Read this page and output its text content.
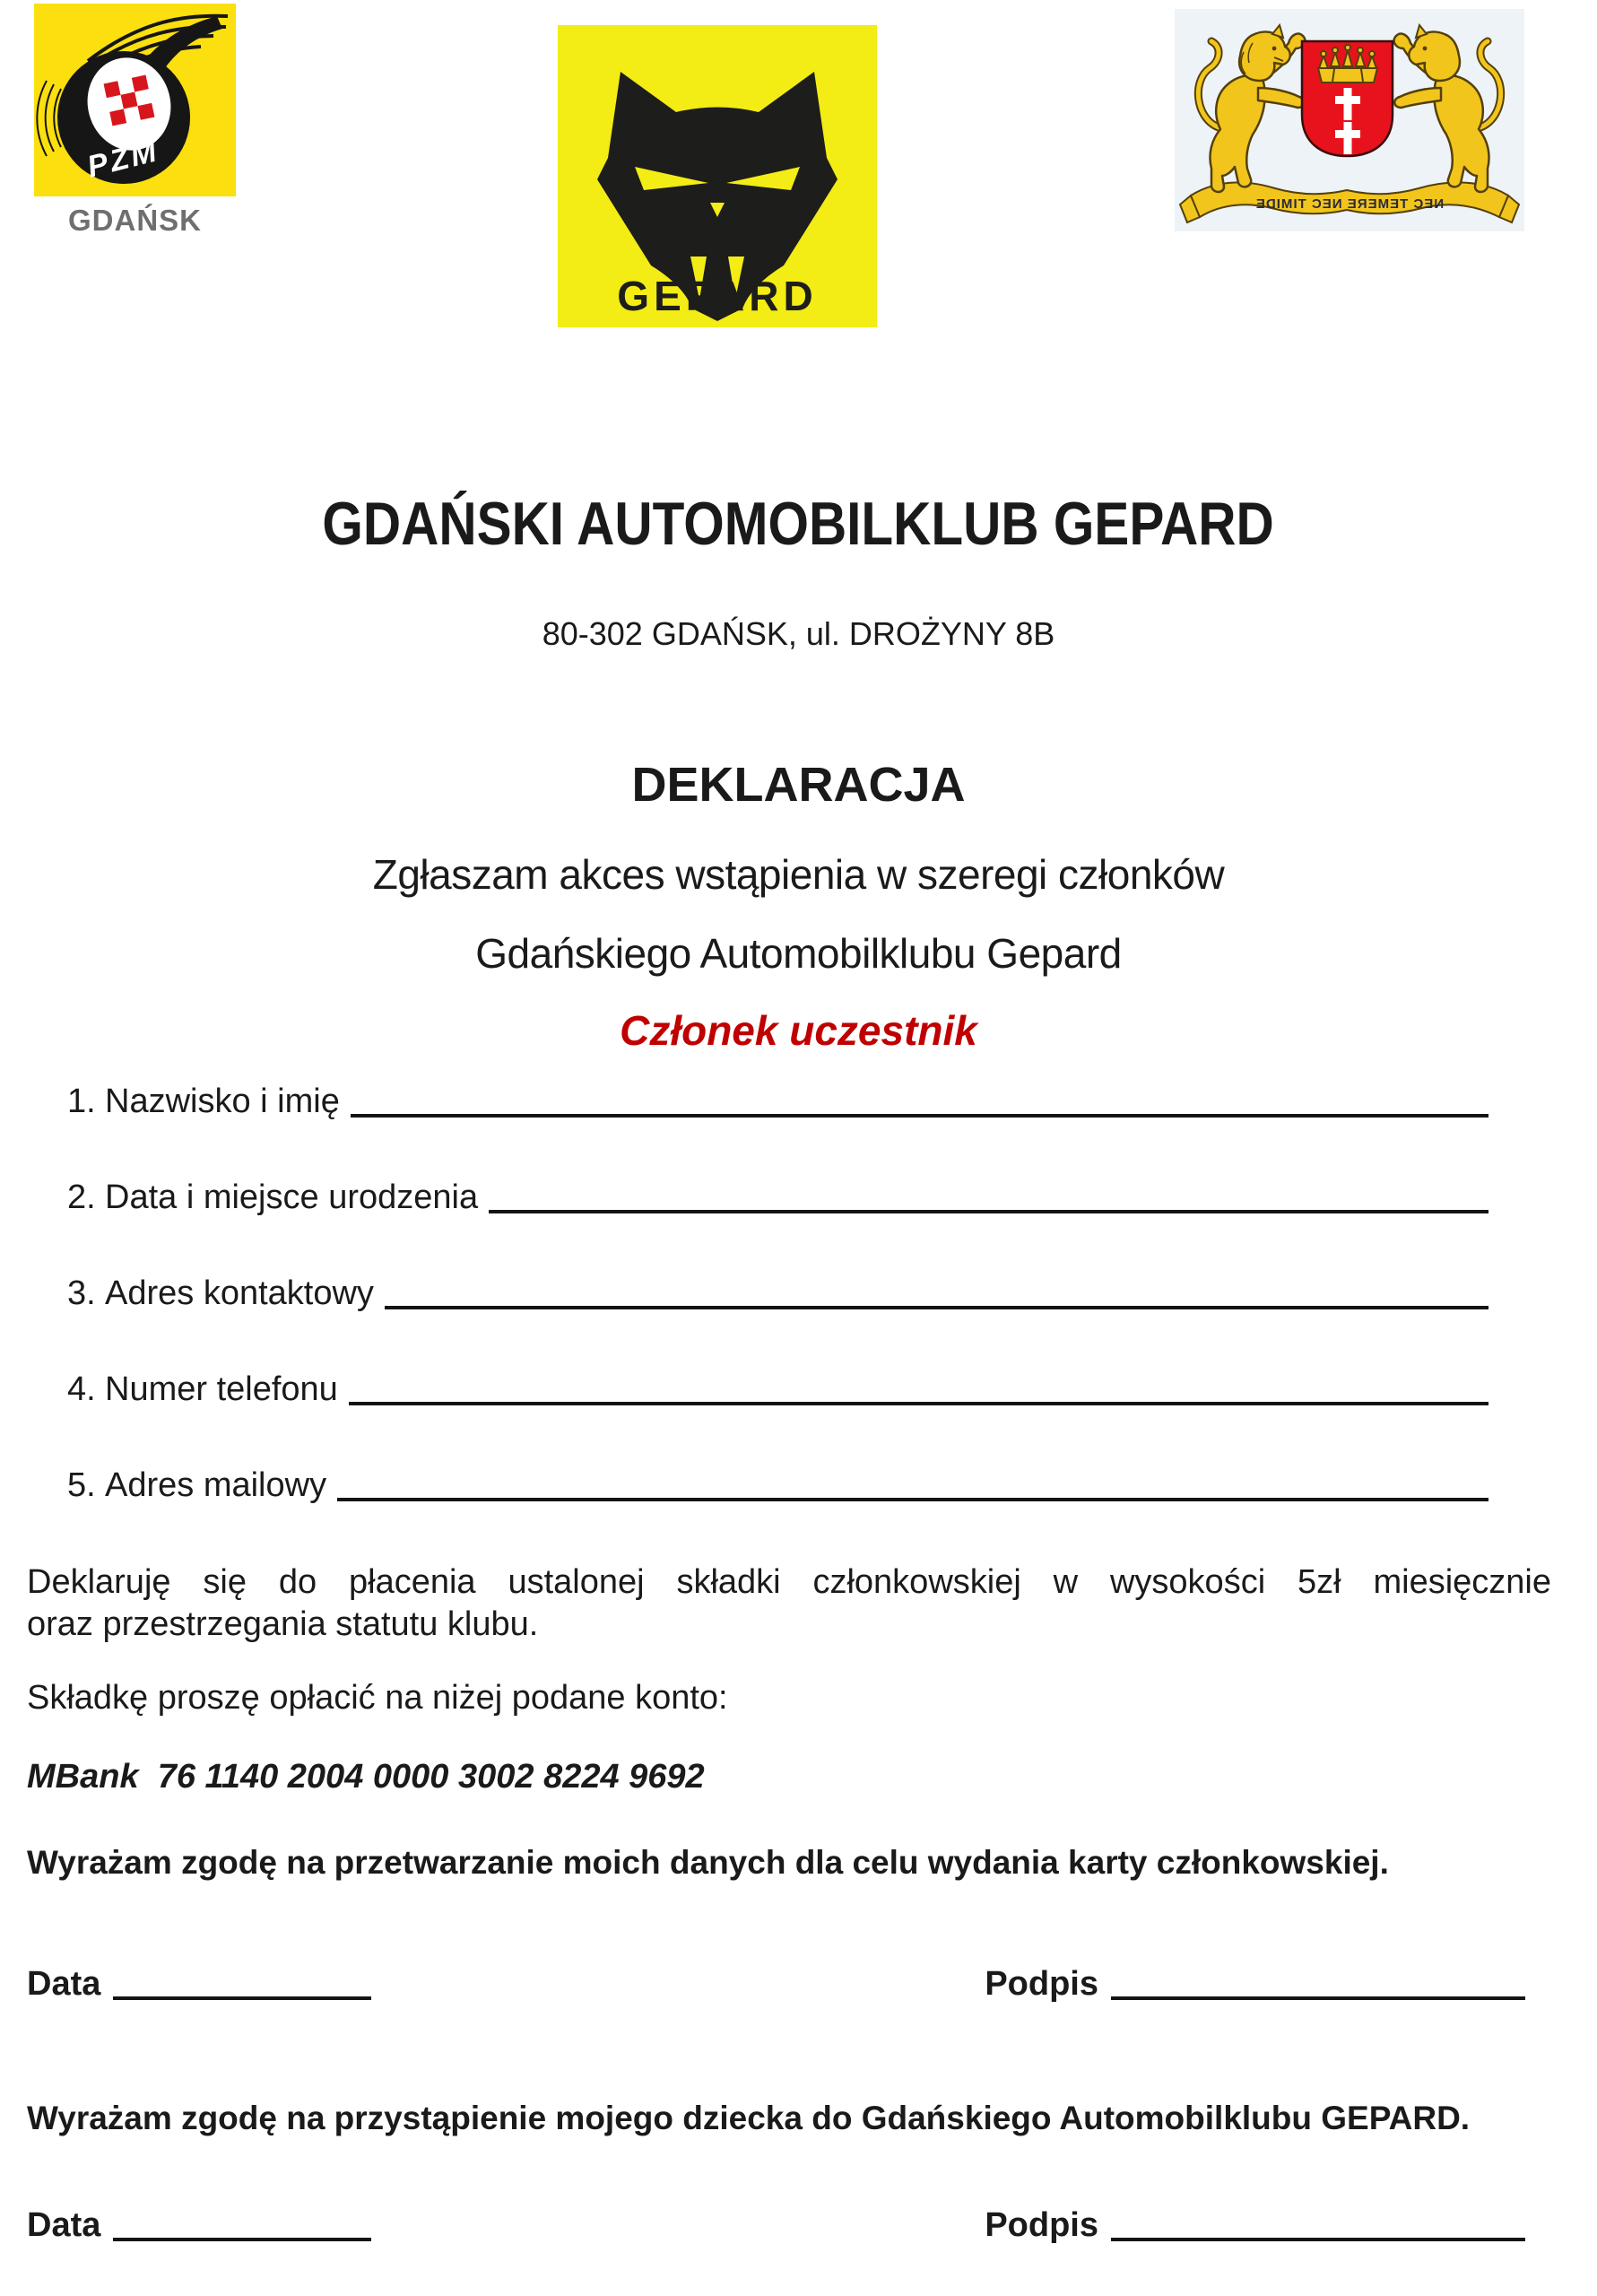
PZM
GDAŃSK
GEPARD
NEC TEMERE NEC TIMIDE
GDAŃSKI AUTOMOBILKLUB GEPARD
80-302 GDAŃSK, ul. DROŻYNY 8B
DEKLARACJA
Zgłaszam akces wstąpienia w szeregi członków
Gdańskiego Automobilklubu Gepard
Członek uczestnik
1. Nazwisko i imię
2. Data i miejsce urodzenia
3. Adres kontaktowy
4. Numer telefonu
5. Adres mailowy
Deklaruję się do płacenia ustalonej składki członkowskiej w wysokości 5zł miesięcznie
oraz przestrzegania statutu klubu.

Składkę proszę opłacić na niżej podane konto:

MBank  76 1140 2004 0000 3002 8224 9692

Wyrażam zgodę na przetwarzanie moich danych dla celu wydania karty członkowskiej.

Data	Podpis

Wyrażam zgodę na przystąpienie mojego dziecka do Gdańskiego Automobilklubu GEPARD.

Data	Podpis
